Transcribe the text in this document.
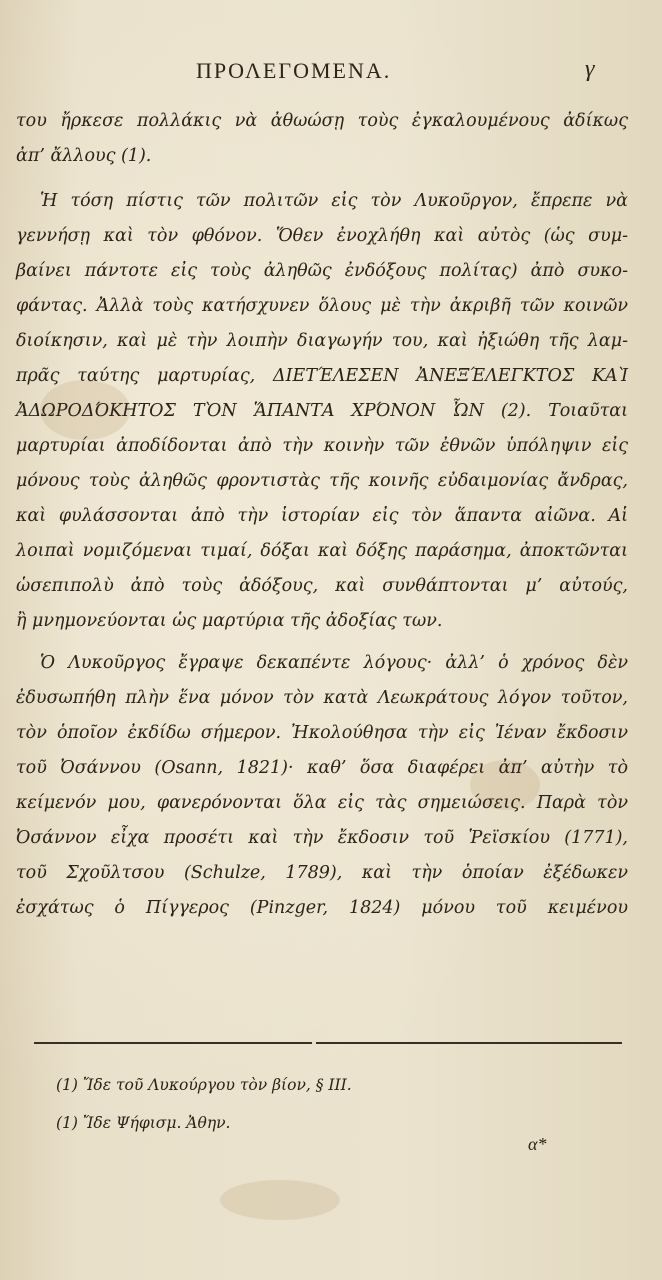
ΠΡΟΛΕΓΟΜΕΝΑ.	γ
του ἤρκεσε πολλάκις νὰ ἀθωώσῃ τοὺς ἐγκαλουμένους ἀδίκως
ἀπ’ ἄλλους (1).
Ἡ τόση πίστις τῶν πολιτῶν εἰς τὸν Λυκοῦργον, ἔπρεπε νὰ
γεννήσῃ καὶ τὸν φθόνον. Ὅθεν ἐνοχλήθη καὶ αὐτὸς (ὡς συμ-
βαίνει πάντοτε εἰς τοὺς ἀληθῶς ἐνδόξους πολίτας) ἀπὸ συκο-
φάντας. Ἀλλὰ τοὺς κατήσχυνεν ὅλους μὲ τὴν ἀκριβῆ τῶν κοινῶν
διοίκησιν, καὶ μὲ τὴν λοιπὴν διαγωγήν του, καὶ ἠξιώθη τῆς λαμ-
πρᾶς ταύτης μαρτυρίας, ΔΙΕΤΈΛΕΣΕΝ ἈΝΕΞΈΛΕΓΚΤΟΣ ΚΑῚ
ἈΔΩΡΟΔΌΚΗΤΟΣ ΤῸΝ ἍΠΑΝΤΑ ΧΡΌΝΟΝ ὮΝ (2). Τοιαῦται
μαρτυρίαι ἀποδίδονται ἀπὸ τὴν κοινὴν τῶν ἐθνῶν ὑπόληψιν εἰς
μόνους τοὺς ἀληθῶς φροντιστὰς τῆς κοινῆς εὐδαιμονίας ἄνδρας,
καὶ φυλάσσονται ἀπὸ τὴν ἱστορίαν εἰς τὸν ἅπαντα αἰῶνα. Αἱ
λοιπαὶ νομιζόμεναι τιμαί, δόξαι καὶ δόξης παράσημα, ἀποκτῶνται
ὡσεπιπολὺ ἀπὸ τοὺς ἀδόξους, καὶ συνθάπτονται μ’ αὐτούς,
ἢ μνημονεύονται ὡς μαρτύρια τῆς ἀδοξίας των.
Ὁ Λυκοῦργος ἔγραψε δεκαπέντε λόγους· ἀλλ’ ὁ χρόνος δὲν
ἐδυσωπήθη πλὴν ἕνα μόνον τὸν κατὰ Λεωκράτους λόγον τοῦτον,
τὸν ὁποῖον ἐκδίδω σήμερον. Ἠκολούθησα τὴν εἰς Ἰέναν ἔκδοσιν
τοῦ Ὀσάννου (Osann, 1821)· καθ’ ὅσα διαφέρει ἀπ’ αὐτὴν τὸ
κείμενόν μου, φανερόνονται ὅλα εἰς τὰς σημειώσεις. Παρὰ τὸν
Ὀσάννον εἶχα προσέτι καὶ τὴν ἔκδοσιν τοῦ Ῥεϊσκίου (1771),
τοῦ Σχοῦλτσου (Schulze, 1789), καὶ τὴν ὁποίαν ἐξέδωκεν
ἐσχάτως ὁ Πίγγερος (Pinzger, 1824) μόνου τοῦ κειμένου
(1) Ἴδε τοῦ Λυκούργου τὸν βίον, § III.
(1) Ἴδε Ψήφισμ. Ἀθην.
α*
